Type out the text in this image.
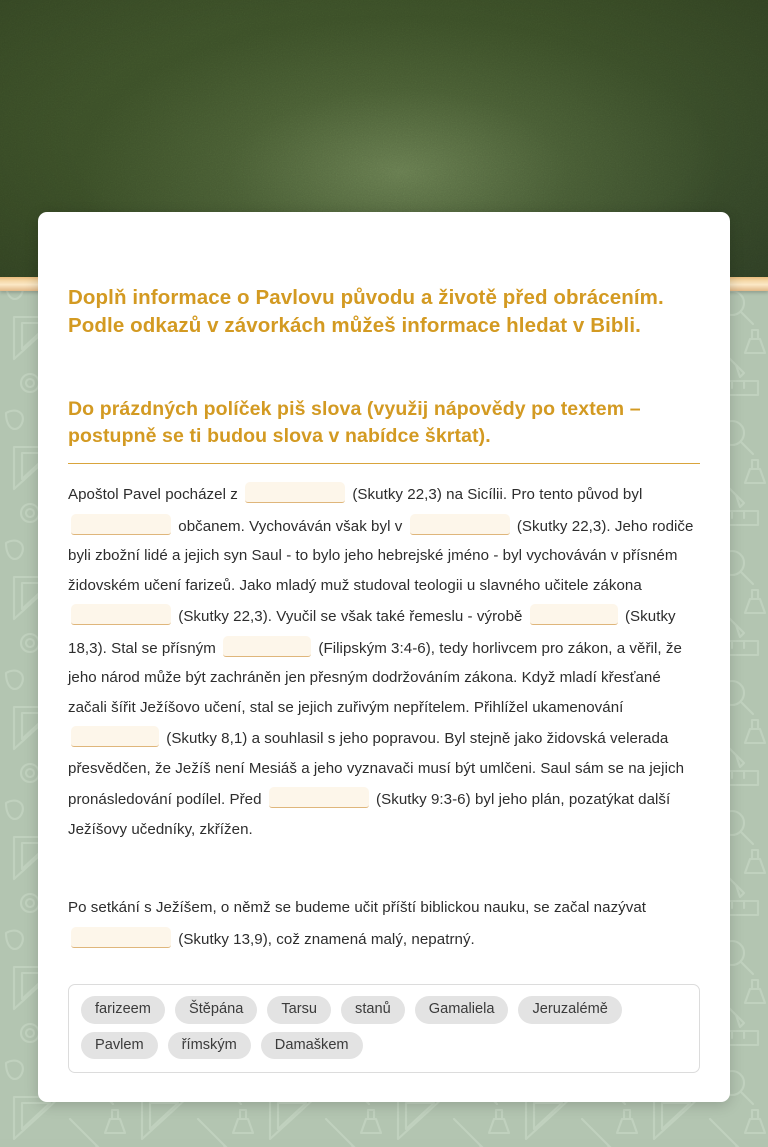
Doplň informace o Pavlovu původu a životě před obrácením. Podle odkazů v závorkách můžeš informace hledat v Bibli.
Do prázdných políček piš slova (využij nápovědy po textem – postupně se ti budou slova v nabídce škrtat).

Apoštol Pavel pocházel z	(Skutky 22,3) na Sicílii. Pro tento původ byl  občanem. Vychováván však byl v	(Skutky 22,3). Jeho rodiče byli zbožní lidé a jejich syn Saul - to bylo jeho hebrejské jméno - byl vychováván v přísném židovském učení farizeů. Jako mladý muž studoval teologii u slavného učitele zákona  (Skutky 22,3). Vyučil se však také řemeslu - výrobě	(Skutky 18,3). Stal se přísným	(Filipským 3:4-6), tedy horlivcem pro zákon, a věřil, že jeho národ může být zachráněn jen přesným dodržováním zákona. Když mladí křesťané začali šířit Ježíšovo učení, stal se jejich zuřivým nepřítelem. Přihlížel ukamenování  (Skutky 8,1) a souhlasil s jeho popravou. Byl stejně jako židovská velerada přesvědčen, že Ježíš není Mesiáš a jeho vyznavači musí být umlčeni. Saul sám se na jejich pronásledování podílel. Před	(Skutky 9:3-6) byl jeho plán, pozatýkat další Ježíšovy učedníky, zkřížen.

Po setkání s Ježíšem, o němž se budeme učit příští biblickou nauku, se začal nazývat  (Skutky 13,9), což znamená malý, nepatrný.

farizeem	Štěpána	Tarsu	stanů	Gamaliela	Jeruzalémě
Pavlem	římským	Damaškem
